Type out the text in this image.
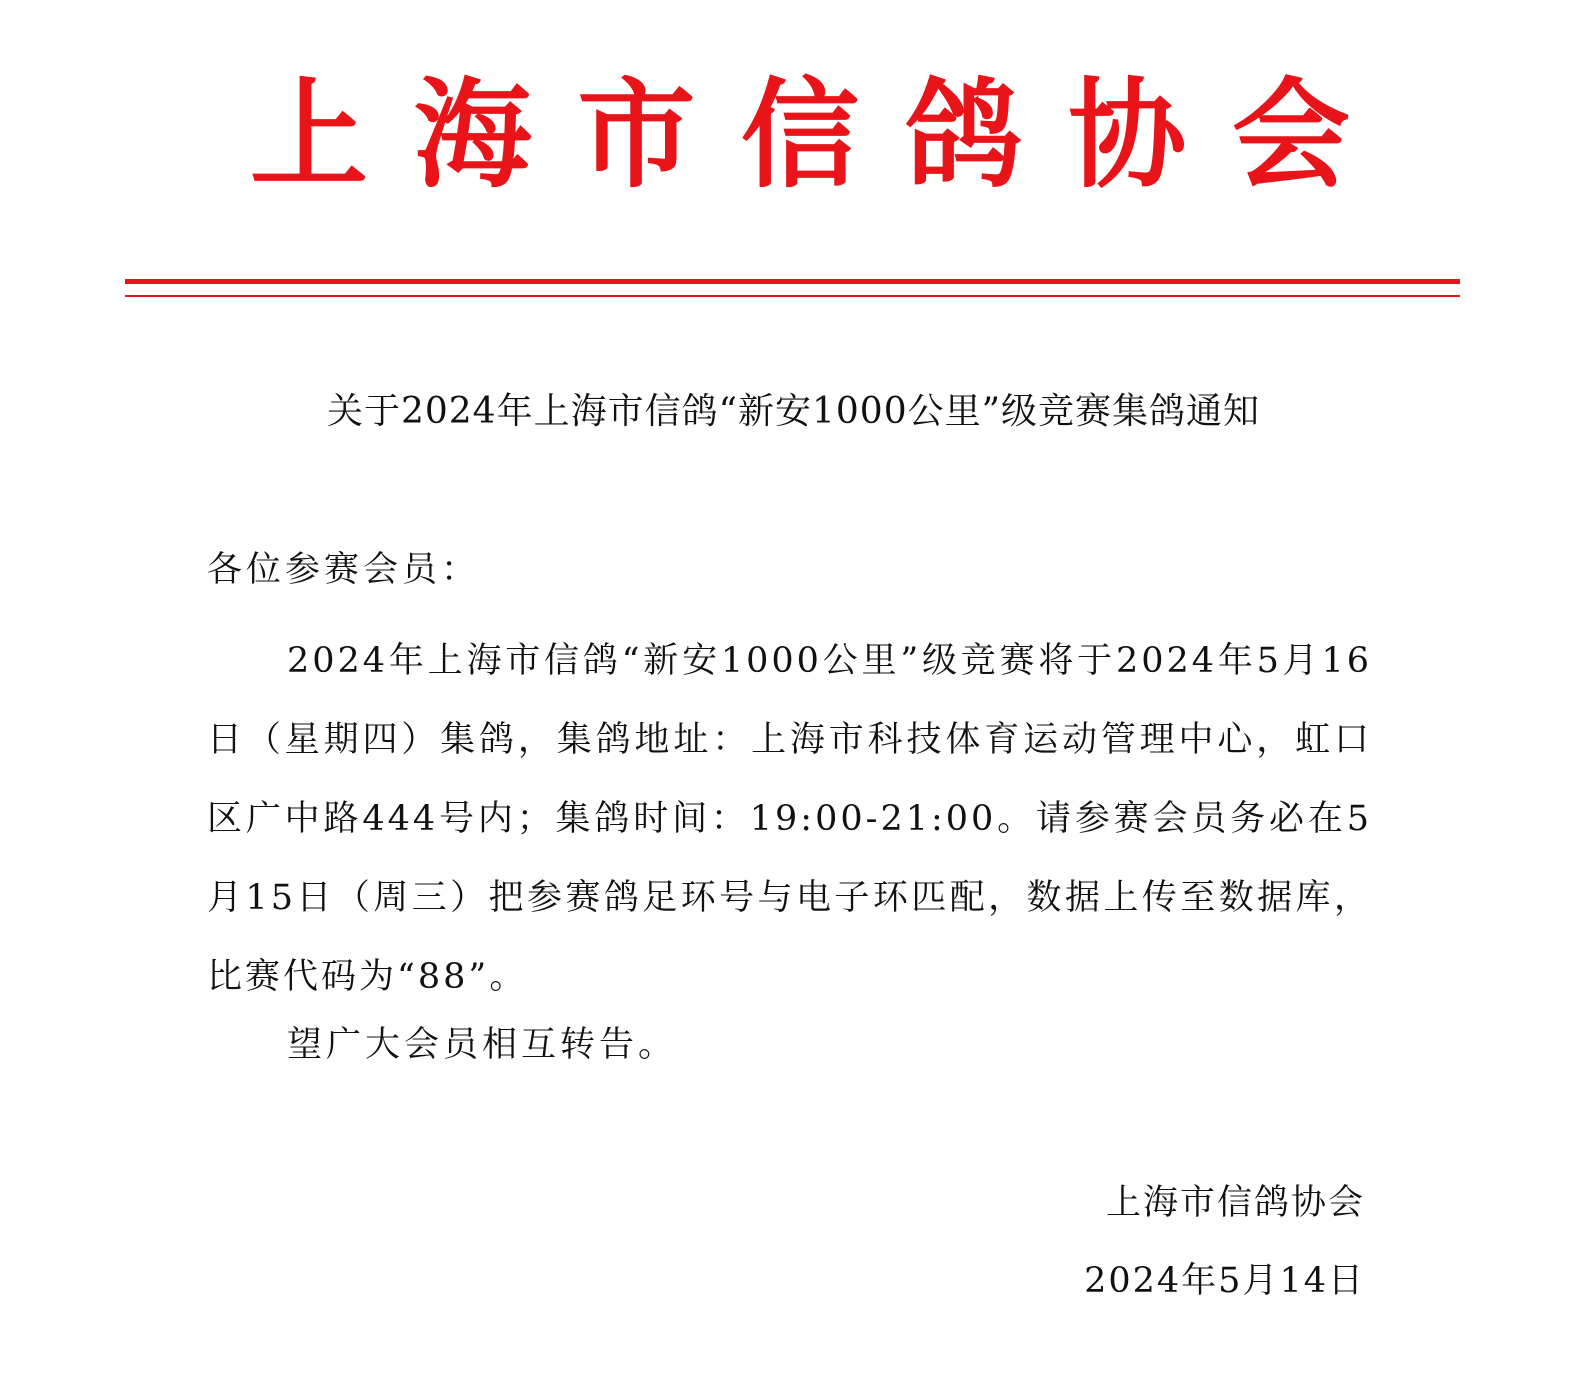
上 海 市 信 鸽 协 会
关于2024年上海市信鸽“新安1000公里”级竞赛集鸽通知
各位参赛会员：

2024年上海市信鸽“新安1000公里”级竞赛将于2024年5月16日（星期四）集鸽，集鸽地址：上海市科技体育运动管理中心，虹口区广中路444号内；集鸽时间：19:00-21:00。请参赛会员务必在5月15日（周三）把参赛鸽足环号与电子环匹配，数据上传至数据库，比赛代码为“88”。

望广大会员相互转告。

上海市信鸽协会
2024年5月14日
